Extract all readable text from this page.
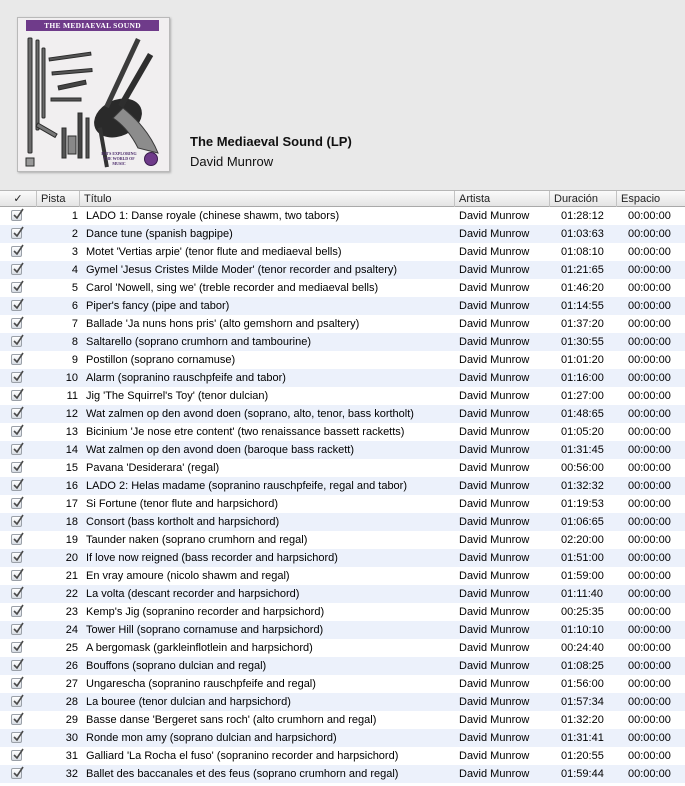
THE MEDIAEVAL SOUND
DM'S EXPLORING THE WORLD OF MUSIC
The Mediaeval Sound (LP)
David Munrow
✓	Pista	Título	Artista	Duración	Espacio
1 LADO 1: Danse royale (chinese shawm, two tabors)	David Munrow	01:28:12	00:00:00
2 Dance tune (spanish bagpipe)	David Munrow	01:03:63	00:00:00
3 Motet 'Vertias arpie' (tenor flute and mediaeval bells)	David Munrow	01:08:10	00:00:00
4 Gymel 'Jesus Cristes Milde Moder' (tenor recorder and psaltery)	David Munrow	01:21:65	00:00:00
5 Carol 'Nowell, sing we' (treble recorder and mediaeval bells)	David Munrow	01:46:20	00:00:00
6 Piper's fancy (pipe and tabor)	David Munrow	01:14:55	00:00:00
7 Ballade 'Ja nuns hons pris' (alto gemshorn and psaltery)	David Munrow	01:37:20	00:00:00
8 Saltarello (soprano crumhorn and tambourine)	David Munrow	01:30:55	00:00:00
9 Postillon (soprano cornamuse)	David Munrow	01:01:20	00:00:00
10 Alarm (sopranino rauschpfeife and tabor)	David Munrow	01:16:00	00:00:00
11 Jig 'The Squirrel's Toy' (tenor dulcian)	David Munrow	01:27:00	00:00:00
12 Wat zalmen op den avond doen (soprano, alto, tenor, bass kortholt)	David Munrow	01:48:65	00:00:00
13 Bicinium 'Je nose etre content' (two renaissance bassett racketts)	David Munrow	01:05:20	00:00:00
14 Wat zalmen op den avond doen (baroque bass rackett)	David Munrow	01:31:45	00:00:00
15 Pavana 'Desiderara' (regal)	David Munrow	00:56:00	00:00:00
16 LADO 2: Helas madame (sopranino rauschpfeife, regal and tabor)	David Munrow	01:32:32	00:00:00
17 Si Fortune (tenor flute and harpsichord)	David Munrow	01:19:53	00:00:00
18 Consort (bass kortholt and harpsichord)	David Munrow	01:06:65	00:00:00
19 Taunder naken (soprano crumhorn and regal)	David Munrow	02:20:00	00:00:00
20 If love now reigned (bass recorder and harpsichord)	David Munrow	01:51:00	00:00:00
21 En vray amoure (nicolo shawm and regal)	David Munrow	01:59:00	00:00:00
22 La volta (descant recorder and harpsichord)	David Munrow	01:11:40	00:00:00
23 Kemp's Jig (sopranino recorder and harpsichord)	David Munrow	00:25:35	00:00:00
24 Tower Hill (soprano cornamuse and harpsichord)	David Munrow	01:10:10	00:00:00
25 A bergomask (garkleinflotlein and harpsichord)	David Munrow	00:24:40	00:00:00
26 Bouffons (soprano dulcian and regal)	David Munrow	01:08:25	00:00:00
27 Ungarescha (sopranino rauschpfeife and regal)	David Munrow	01:56:00	00:00:00
28 La bouree (tenor dulcian and harpsichord)	David Munrow	01:57:34	00:00:00
29 Basse danse 'Bergeret sans roch' (alto crumhorn and regal)	David Munrow	01:32:20	00:00:00
30 Ronde mon amy (soprano dulcian and harpsichord)	David Munrow	01:31:41	00:00:00
31 Galliard 'La Rocha el fuso' (sopranino recorder and harpsichord)	David Munrow	01:20:55	00:00:00
32 Ballet des baccanales et des feus (soprano crumhorn and regal)	David Munrow	01:59:44	00:00:00
